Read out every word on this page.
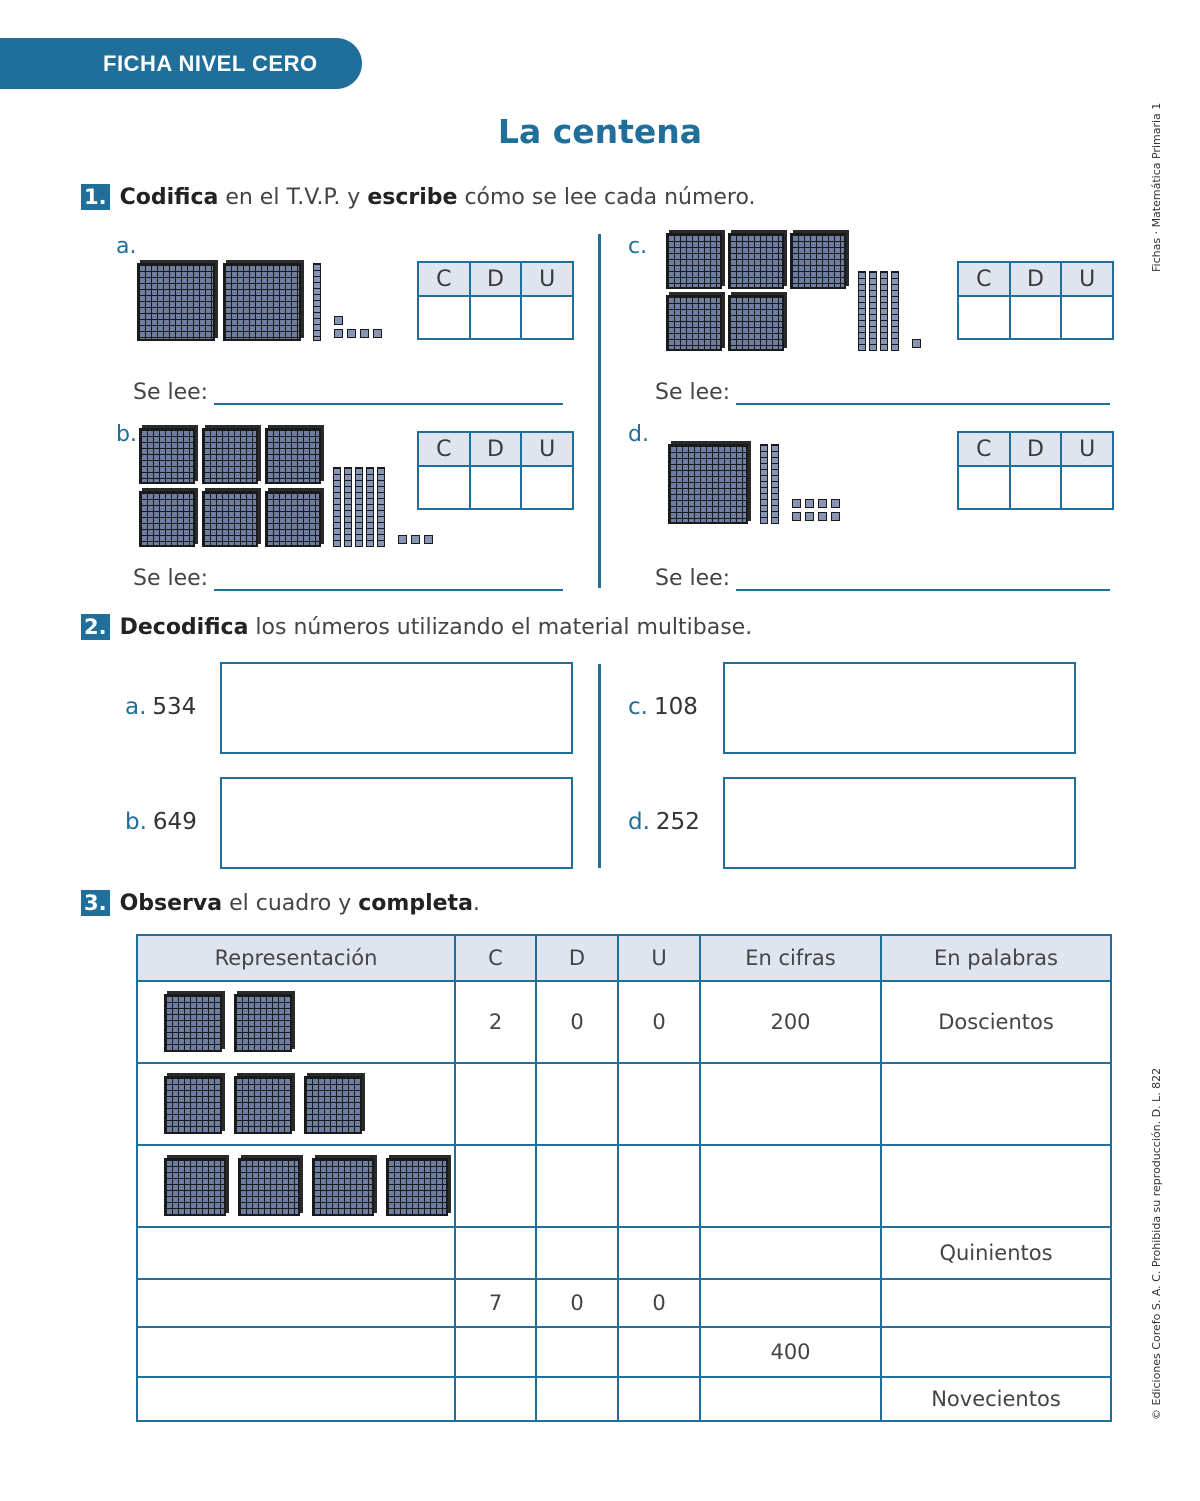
FICHA NIVEL CERO
La centena	Fichas · Matemática Primaria 1
© Ediciones Corefo S. A. C. Prohibida su reproducción. D. L. 822
1. Codifica en el T.V.P. y escribe cómo se lee cada número.
a.
b.
c.
d.
C	D	U

C	D	U

C	D	U

C	D	U

Se lee:
Se lee:
Se lee:
Se lee:
2. Decodifica los números utilizando el material multibase.
a. 534
b. 649
c. 108
d. 252
3. Observa el cuadro y completa.
Representación	C	D	U	En cifras	En palabras

	2	0	0	200	Doscientos

					Quinientos
	7	0	0		
				400	
					Novecientos
